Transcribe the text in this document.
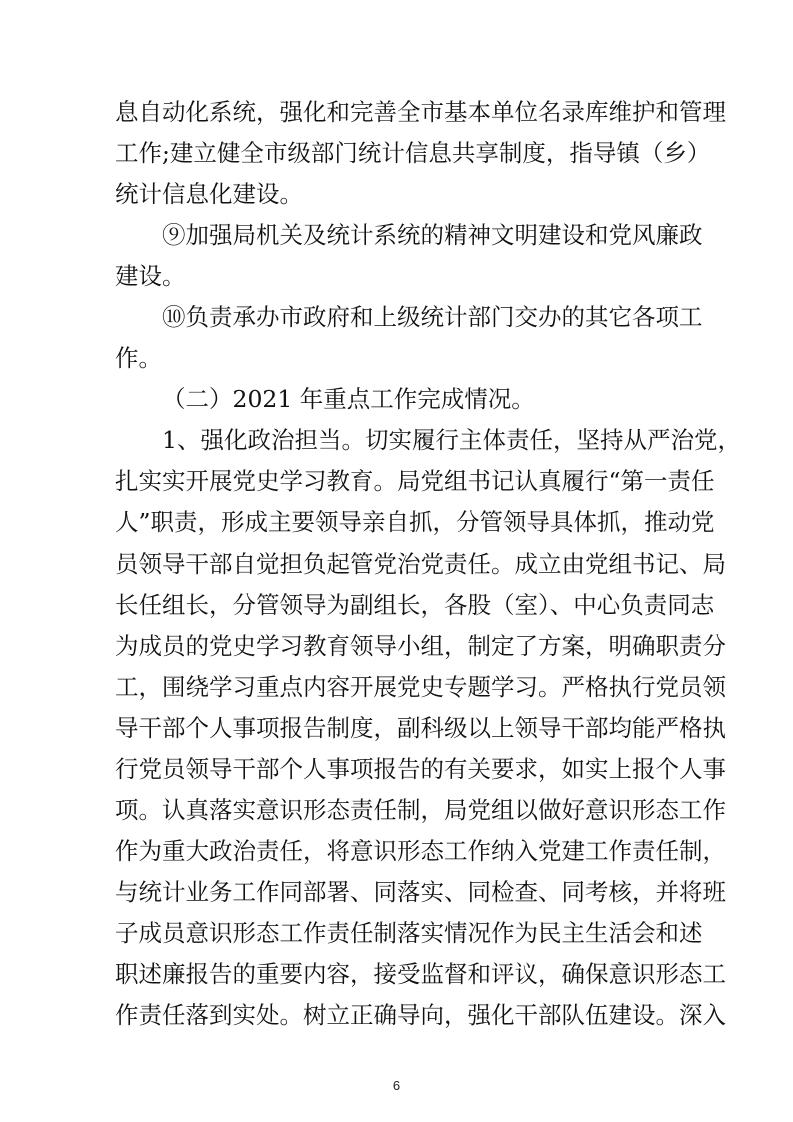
息自动化系统，强化和完善全市基本单位名录库维护和管理
工作;建立健全市级部门统计信息共享制度，指导镇（乡）
统计信息化建设。
⑨加强局机关及统计系统的精神文明建设和党风廉政
建设。
⑩负责承办市政府和上级统计部门交办的其它各项工
作。
（二）2021 年重点工作完成情况。
1、强化政治担当。切实履行主体责任，坚持从严治党，
扎实实开展党史学习教育。局党组书记认真履行“第一责任
人”职责，形成主要领导亲自抓，分管领导具体抓，推动党
员领导干部自觉担负起管党治党责任。成立由党组书记、局
长任组长，分管领导为副组长，各股（室）、中心负责同志
为成员的党史学习教育领导小组，制定了方案，明确职责分
工，围绕学习重点内容开展党史专题学习。严格执行党员领
导干部个人事项报告制度，副科级以上领导干部均能严格执
行党员领导干部个人事项报告的有关要求，如实上报个人事
项。认真落实意识形态责任制，局党组以做好意识形态工作
作为重大政治责任，将意识形态工作纳入党建工作责任制，
与统计业务工作同部署、同落实、同检查、同考核，并将班
子成员意识形态工作责任制落实情况作为民主生活会和述
职述廉报告的重要内容，接受监督和评议，确保意识形态工
作责任落到实处。树立正确导向，强化干部队伍建设。深入
6
